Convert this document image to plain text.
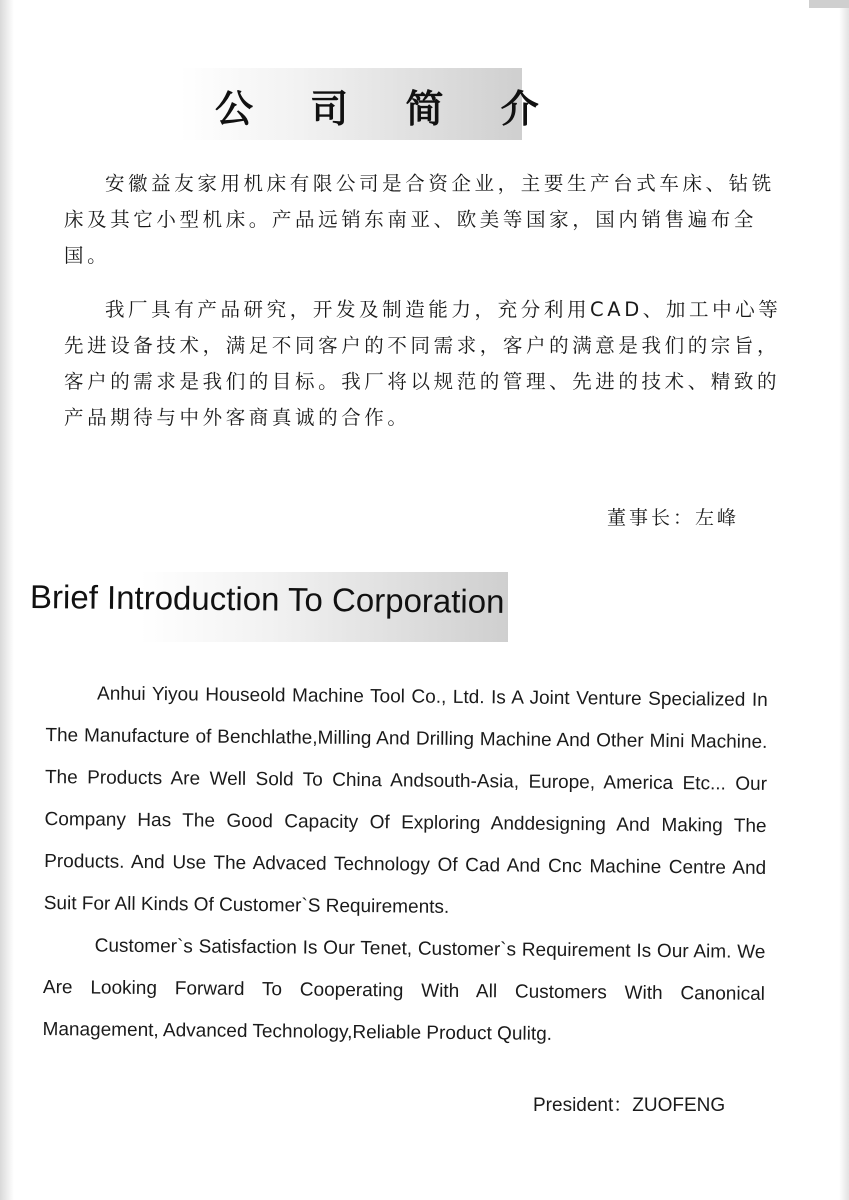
公 司 简 介

安徽益友家用机床有限公司是合资企业，主要生产台式车床、钻铣床及其它小型机床。产品远销东南亚、欧美等国家，国内销售遍布全国。

我厂具有产品研究，开发及制造能力，充分利用CAD、加工中心等先进设备技术，满足不同客户的不同需求，客户的满意是我们的宗旨，客户的需求是我们的目标。我厂将以规范的管理、先进的技术、精致的产品期待与中外客商真诚的合作。

董事长：左峰
Brief Introduction To Corporation

Anhui Yiyou Houseold Machine Tool Co., Ltd. Is A Joint Venture Specialized In The Manufacture of Benchlathe,Milling And Drilling Machine And Other Mini Machine. The Products Are Well Sold To China Andsouth-Asia, Europe, America Etc... Our Company Has The Good Capacity Of Exploring Anddesigning And Making The Products. And Use The Advaced Technology Of Cad And Cnc Machine Centre And Suit For All Kinds Of Customer`S Requirements.

Customer`s Satisfaction Is Our Tenet, Customer`s Requirement Is Our Aim. We Are Looking Forward To Cooperating With All Customers With Canonical Management, Advanced Technology,Reliable Product Qulitg.

President：ZUOFENG
